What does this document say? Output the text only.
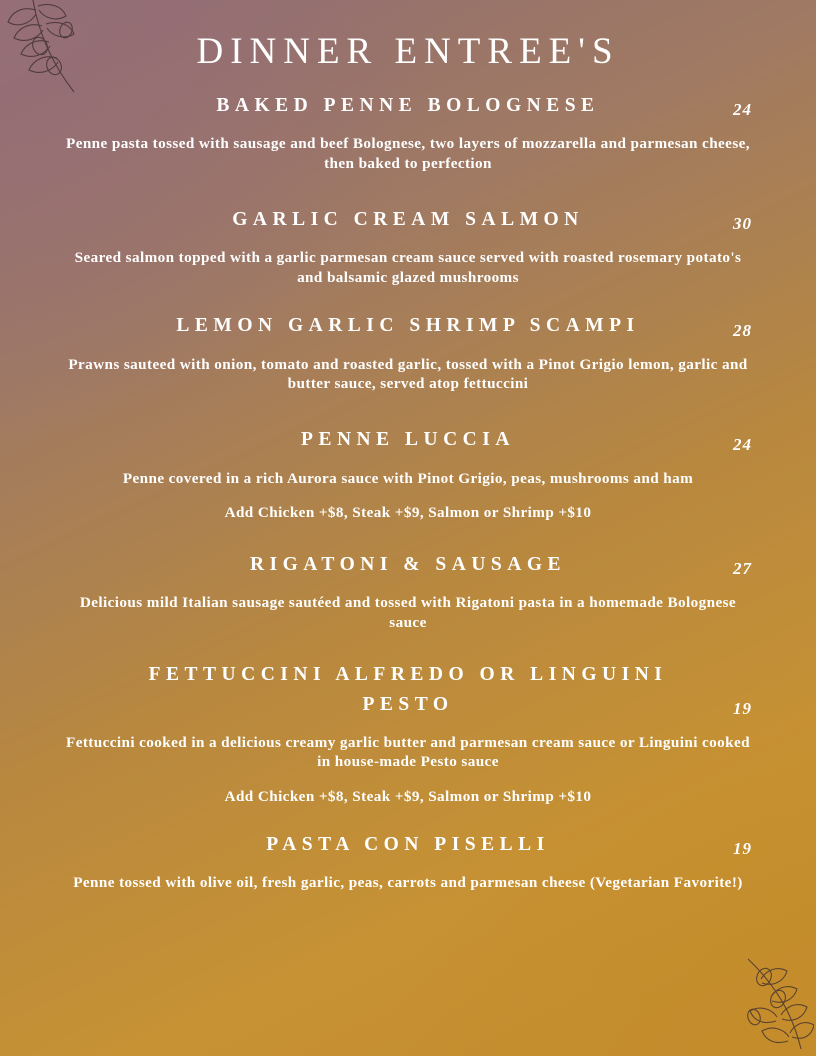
DINNER ENTREE'S
BAKED PENNE BOLOGNESE	24
Penne pasta tossed with sausage and beef Bolognese, two layers of mozzarella and parmesan cheese, then baked to perfection
GARLIC CREAM SALMON	30
Seared salmon topped with a garlic parmesan cream sauce served with roasted rosemary potato's and balsamic glazed mushrooms
LEMON GARLIC SHRIMP SCAMPI	28
Prawns sauteed with onion, tomato and roasted garlic, tossed with a Pinot Grigio lemon, garlic and butter sauce, served atop fettuccini
PENNE LUCCIA	24
Penne covered in a rich Aurora sauce with Pinot Grigio, peas, mushrooms and ham
Add Chicken +$8, Steak +$9, Salmon or Shrimp +$10
RIGATONI & SAUSAGE	27
Delicious mild Italian sausage sautéed and tossed with Rigatoni pasta in a homemade Bolognese sauce
FETTUCCINI ALFREDO OR LINGUINI PESTO	19
Fettuccini cooked in a delicious creamy garlic butter and parmesan cream sauce or Linguini cooked in house-made Pesto sauce
Add Chicken +$8, Steak +$9, Salmon or Shrimp +$10
PASTA CON PISELLI	19
Penne tossed with olive oil, fresh garlic, peas, carrots and parmesan cheese (Vegetarian Favorite!)
